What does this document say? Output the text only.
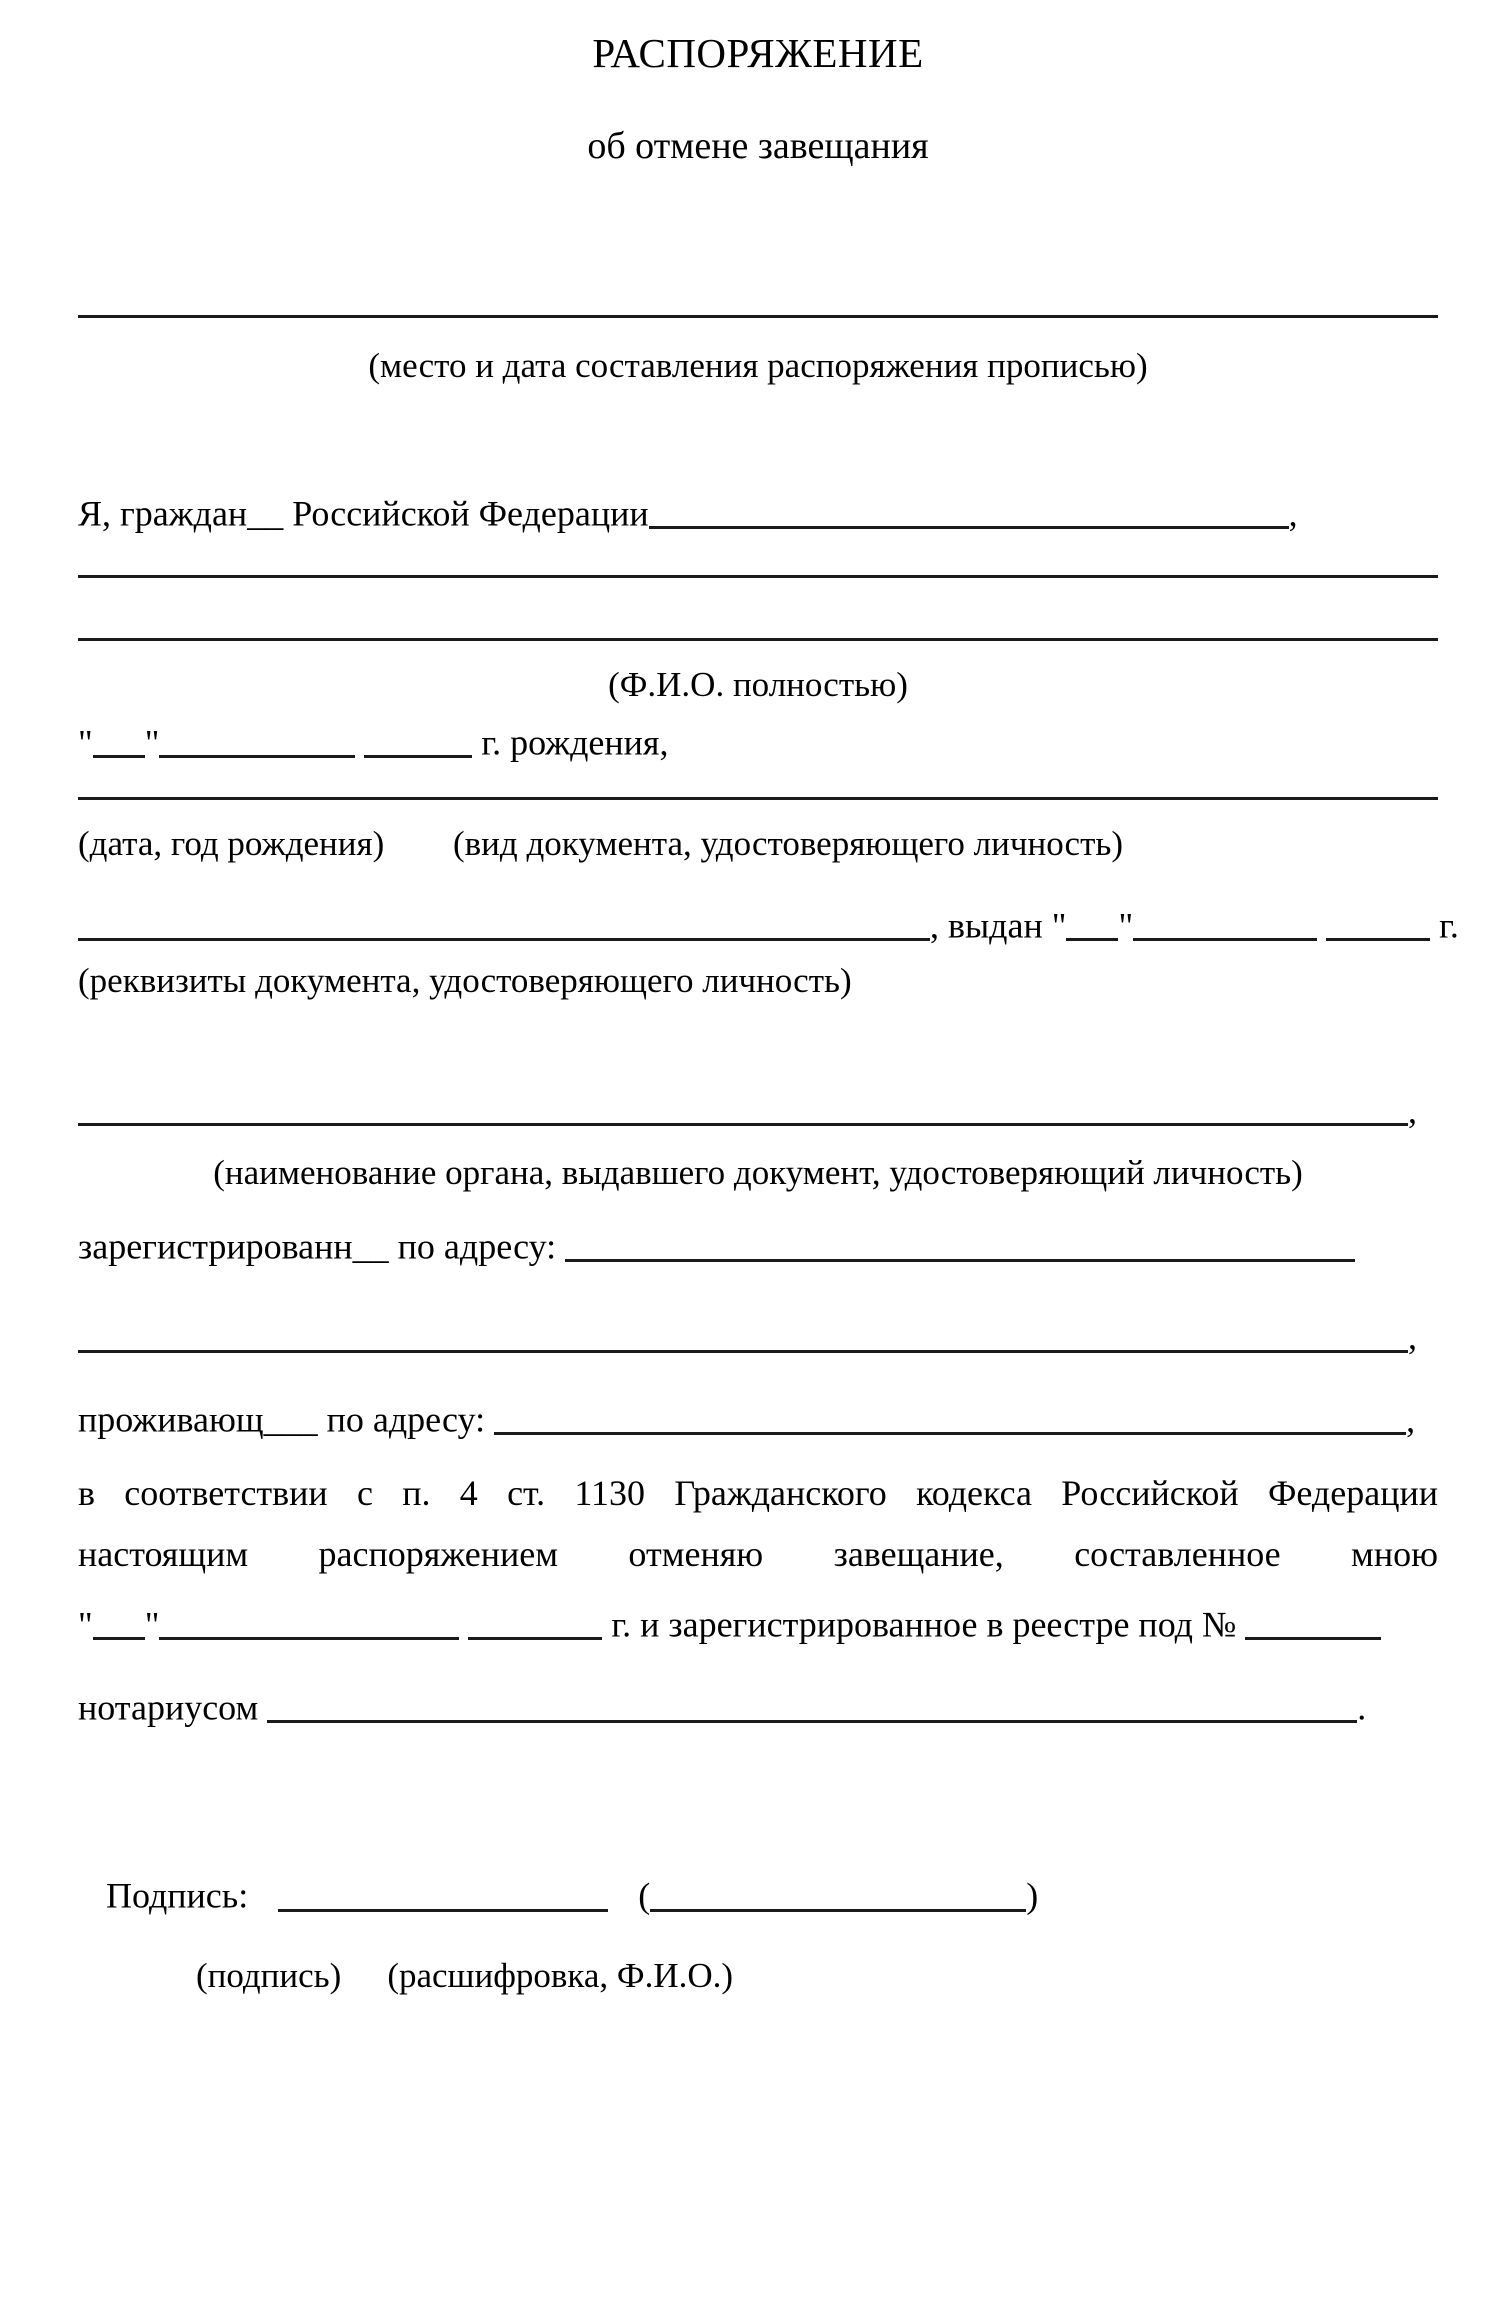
РАСПОРЯЖЕНИЕ
об отмене завещания
(место и дата составления распоряжения прописью)
Я, граждан__ Российской Федерации	,
(Ф.И.О. полностью)
" "	г. рождения,
(дата, год рождения)	(вид документа, удостоверяющего личность)
, выдан " "	г.
(реквизиты документа, удостоверяющего личность)
,
(наименование органа, выдавшего документ, удостоверяющий личность)
зарегистрированн__ по адресу:
,
проживающ___ по адресу:	,
в соответствии с п. 4 ст. 1130 Гражданского кодекса Российской Федерации
настоящим распоряжением отменяю завещание, составленное мною
" "	г. и зарегистрированное в реестре под №
нотариусом	.
Подпись:	(	)
(подпись) (расшифровка, Ф.И.О.)
